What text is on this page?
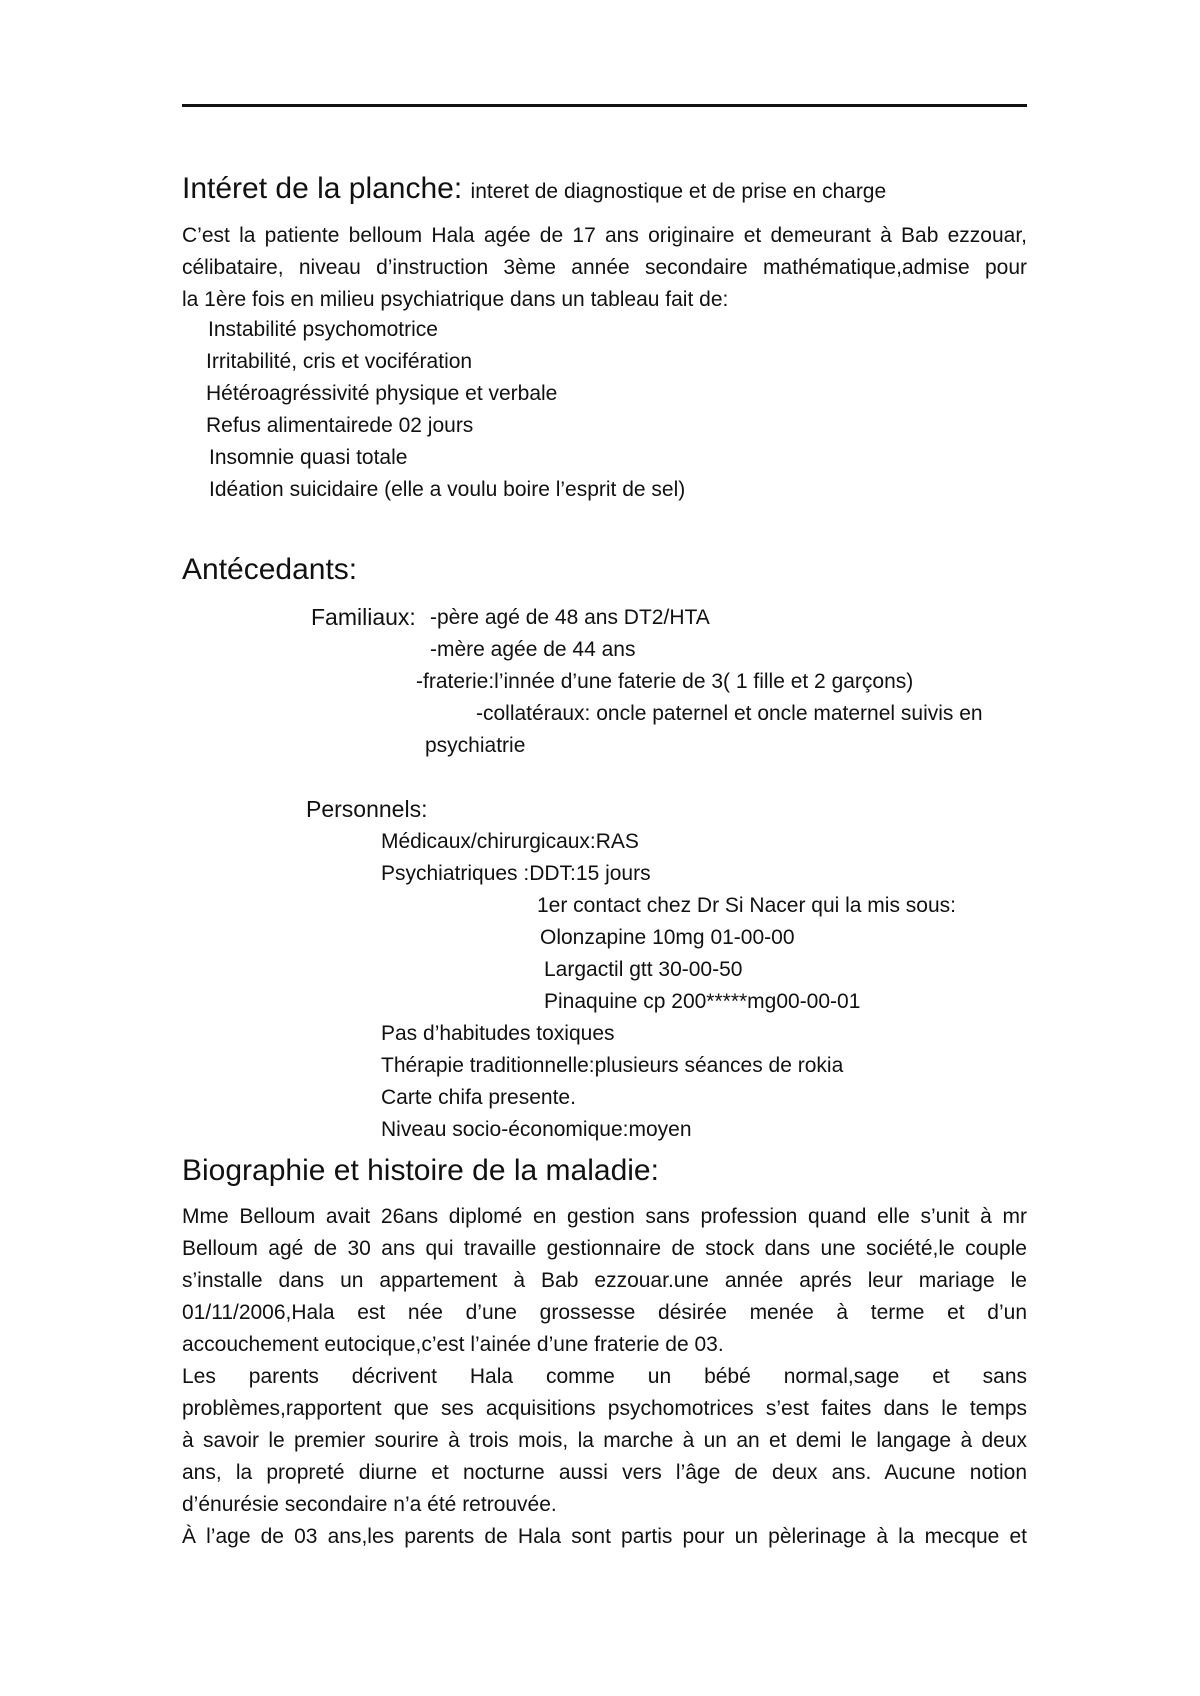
Intéret de la planche: interet de diagnostique et de prise en charge

C’est la patiente belloum Hala agée de 17 ans originaire et demeurant à Bab ezzouar,

célibataire, niveau d’instruction 3ème année secondaire mathématique,admise pour

la 1ère fois en milieu psychiatrique dans un tableau fait de:

Instabilité psychomotrice
Irritabilité, cris et vocifération
Hétéroagréssivité physique et verbale
Refus alimentairede 02 jours
Insomnie quasi totale
Idéation suicidaire (elle a voulu boire l’esprit de sel)
Antécedants:
Familiaux: -père agé de 48 ans DT2/HTA
-mère agée de 44 ans
-fraterie:l’innée d’une faterie de 3( 1 fille et 2 garçons)
-collatéraux: oncle paternel et oncle maternel suivis en
psychiatrie
Personnels:
Médicaux/chirurgicaux:RAS
Psychiatriques :DDT:15 jours
1er contact chez Dr Si Nacer qui la mis sous:
Olonzapine 10mg 01-00-00
Largactil gtt 30-00-50
Pinaquine cp 200*****mg00-00-01
Pas d’habitudes toxiques
Thérapie traditionnelle:plusieurs séances de rokia
Carte chifa presente.
Niveau socio-économique:moyen
Biographie et histoire de la maladie:

Mme Belloum avait 26ans diplomé en gestion sans profession quand elle s’unit à mr

Belloum agé de 30 ans qui travaille gestionnaire de stock dans une société,le couple

s’installe dans un appartement à Bab ezzouar.une année aprés leur mariage le

01/11/2006,Hala est née d’une grossesse désirée menée à terme et d’un

accouchement eutocique,c’est l’ainée d’une fraterie de 03.

Les parents décrivent Hala comme un bébé normal,sage et sans

problèmes,rapportent que ses acquisitions psychomotrices s’est faites dans le temps

à savoir le premier sourire à trois mois, la marche à un an et demi le langage à deux

ans, la propreté diurne et nocturne aussi vers l’âge de deux ans. Aucune notion

d’énurésie secondaire n’a été retrouvée.

À l’age de 03 ans,les parents de Hala sont partis pour un pèlerinage à la mecque et
